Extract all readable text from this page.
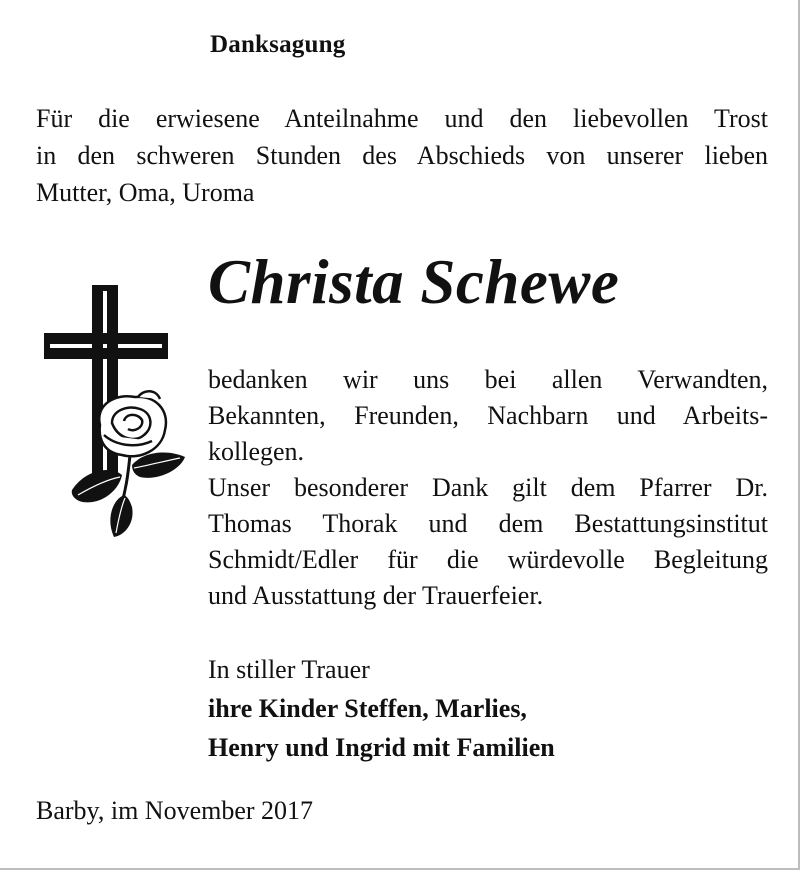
Danksagung
Für die erwiesene Anteilnahme und den liebevollen Trost
in den schweren Stunden des Abschieds von unserer lieben
Mutter, Oma, Uroma
Christa Schewe
bedanken wir uns bei allen Verwandten,
Bekannten, Freunden, Nachbarn und Arbeits-
kollegen.
Unser besonderer Dank gilt dem Pfarrer Dr.
Thomas Thorak und dem Bestattungsinstitut
Schmidt/Edler für die würdevolle Begleitung
und Ausstattung der Trauerfeier.
In stiller Trauer
ihre Kinder Steffen, Marlies,
Henry und Ingrid mit Familien
Barby, im November 2017
